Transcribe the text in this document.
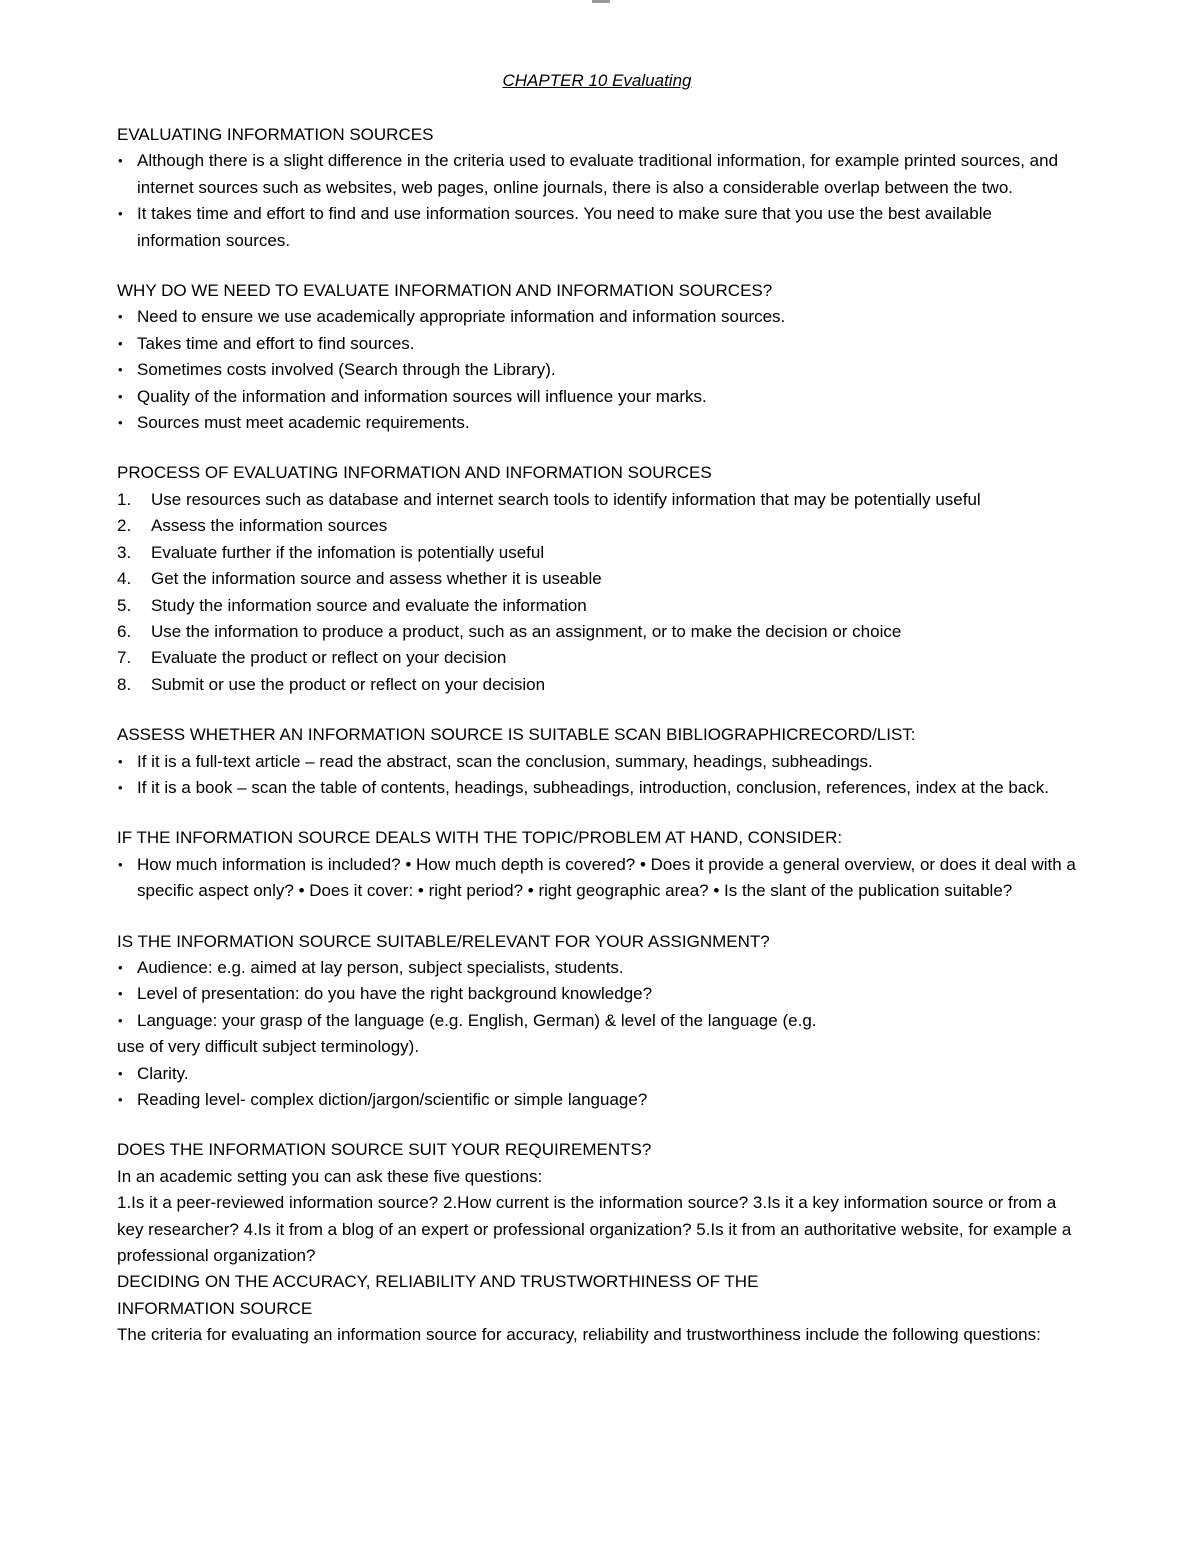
CHAPTER 10 Evaluating

EVALUATING INFORMATION SOURCES

• Although there is a slight difference in the criteria used to evaluate traditional information, for example printed sources, and internet sources such as websites, web pages, online journals, there is also a considerable overlap between the two.
• It takes time and effort to find and use information sources. You need to make sure that you use the best available information sources.

WHY DO WE NEED TO EVALUATE INFORMATION AND INFORMATION SOURCES?

• Need to ensure we use academically appropriate information and information sources.
• Takes time and effort to find sources.
• Sometimes costs involved (Search through the Library).
• Quality of the information and information sources will influence your marks.
• Sources must meet academic requirements.

PROCESS OF EVALUATING INFORMATION AND INFORMATION SOURCES

1. Use resources such as database and internet search tools to identify information that may be potentially useful
2. Assess the information sources
3. Evaluate further if the infomation is potentially useful
4. Get the information source and assess whether it is useable
5. Study the information source and evaluate the information
6. Use the information to produce a product, such as an assignment, or to make the decision or choice
7. Evaluate the product or reflect on your decision
8. Submit or use the product or reflect on your decision

ASSESS WHETHER AN INFORMATION SOURCE IS SUITABLE SCAN BIBLIOGRAPHICRECORD/LIST:

• If it is a full-text article – read the abstract, scan the conclusion, summary, headings, subheadings.
• If it is a book – scan the table of contents, headings, subheadings, introduction, conclusion, references, index at the back.

IF THE INFORMATION SOURCE DEALS WITH THE TOPIC/PROBLEM AT HAND, CONSIDER:

• How much information is included? • How much depth is covered? • Does it provide a general overview, or does it deal with a specific aspect only? • Does it cover: • right period? • right geographic area? • Is the slant of the publication suitable?

IS THE INFORMATION SOURCE SUITABLE/RELEVANT FOR YOUR ASSIGNMENT?

• Audience: e.g. aimed at lay person, subject specialists, students.
• Level of presentation: do you have the right background knowledge?
• Language: your grasp of the language (e.g. English, German) & level of the language (e.g.

use of very difficult subject terminology).

• Clarity.
• Reading level- complex diction/jargon/scientific or simple language?

DOES THE INFORMATION SOURCE SUIT YOUR REQUIREMENTS?

In an academic setting you can ask these five questions:

1.Is it a peer-reviewed information source? 2.How current is the information source? 3.Is it a key information source or from a key researcher? 4.Is it from a blog of an expert or professional organization? 5.Is it from an authoritative website, for example a professional organization?

DECIDING ON THE ACCURACY, RELIABILITY AND TRUSTWORTHINESS OF THE

INFORMATION SOURCE

The criteria for evaluating an information source for accuracy, reliability and trustworthiness include the following questions:
